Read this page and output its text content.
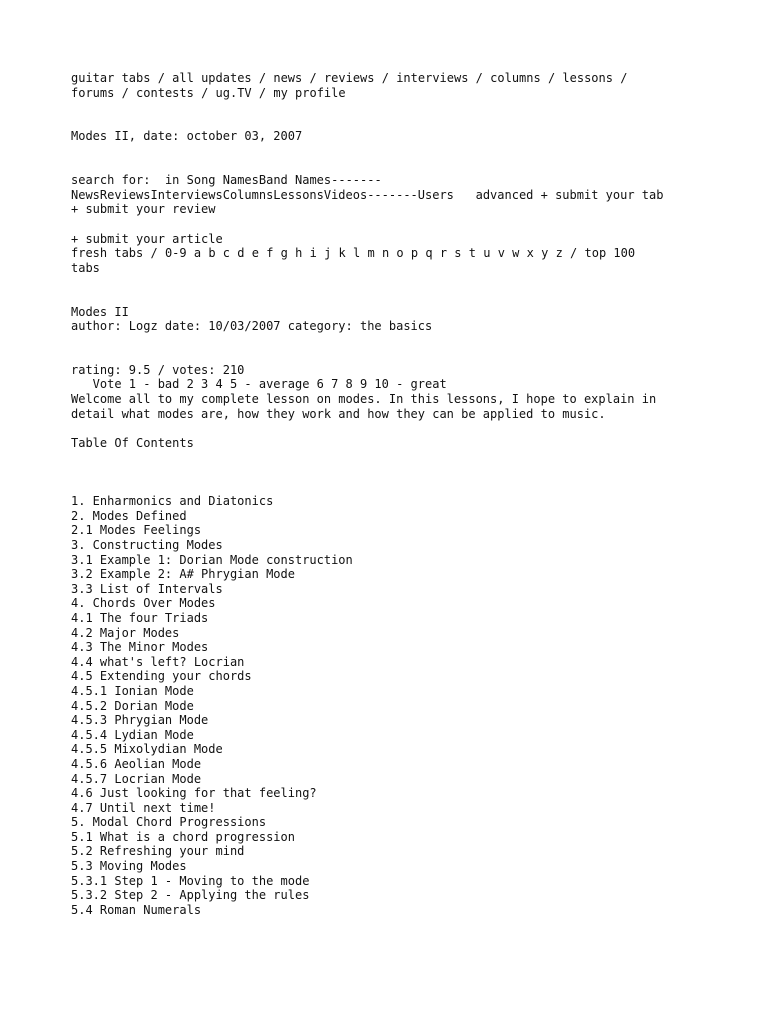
guitar tabs / all updates / news / reviews / interviews / columns / lessons /
forums / contests / ug.TV / my profile
Modes II, date: october 03, 2007
search for: in Song NamesBand Names-------
NewsReviewsInterviewsColumnsLessonsVideos-------Users advanced + submit your tab
+ submit your review
+ submit your article
fresh tabs / 0-9 a b c d e f g h i j k l m n o p q r s t u v w x y z / top 100
tabs
Modes II
author: Logz date: 10/03/2007 category: the basics
rating: 9.5 / votes: 210
Vote 1 - bad 2 3 4 5 - average 6 7 8 9 10 - great
Welcome all to my complete lesson on modes. In this lessons, I hope to explain in
detail what modes are, how they work and how they can be applied to music.
Table Of Contents
1. Enharmonics and Diatonics
2. Modes Defined
2.1 Modes Feelings
3. Constructing Modes
3.1 Example 1: Dorian Mode construction
3.2 Example 2: A# Phrygian Mode
3.3 List of Intervals
4. Chords Over Modes
4.1 The four Triads
4.2 Major Modes
4.3 The Minor Modes
4.4 what's left? Locrian
4.5 Extending your chords
4.5.1 Ionian Mode
4.5.2 Dorian Mode
4.5.3 Phrygian Mode
4.5.4 Lydian Mode
4.5.5 Mixolydian Mode
4.5.6 Aeolian Mode
4.5.7 Locrian Mode
4.6 Just looking for that feeling?
4.7 Until next time!
5. Modal Chord Progressions
5.1 What is a chord progression
5.2 Refreshing your mind
5.3 Moving Modes
5.3.1 Step 1 - Moving to the mode
5.3.2 Step 2 - Applying the rules
5.4 Roman Numerals
